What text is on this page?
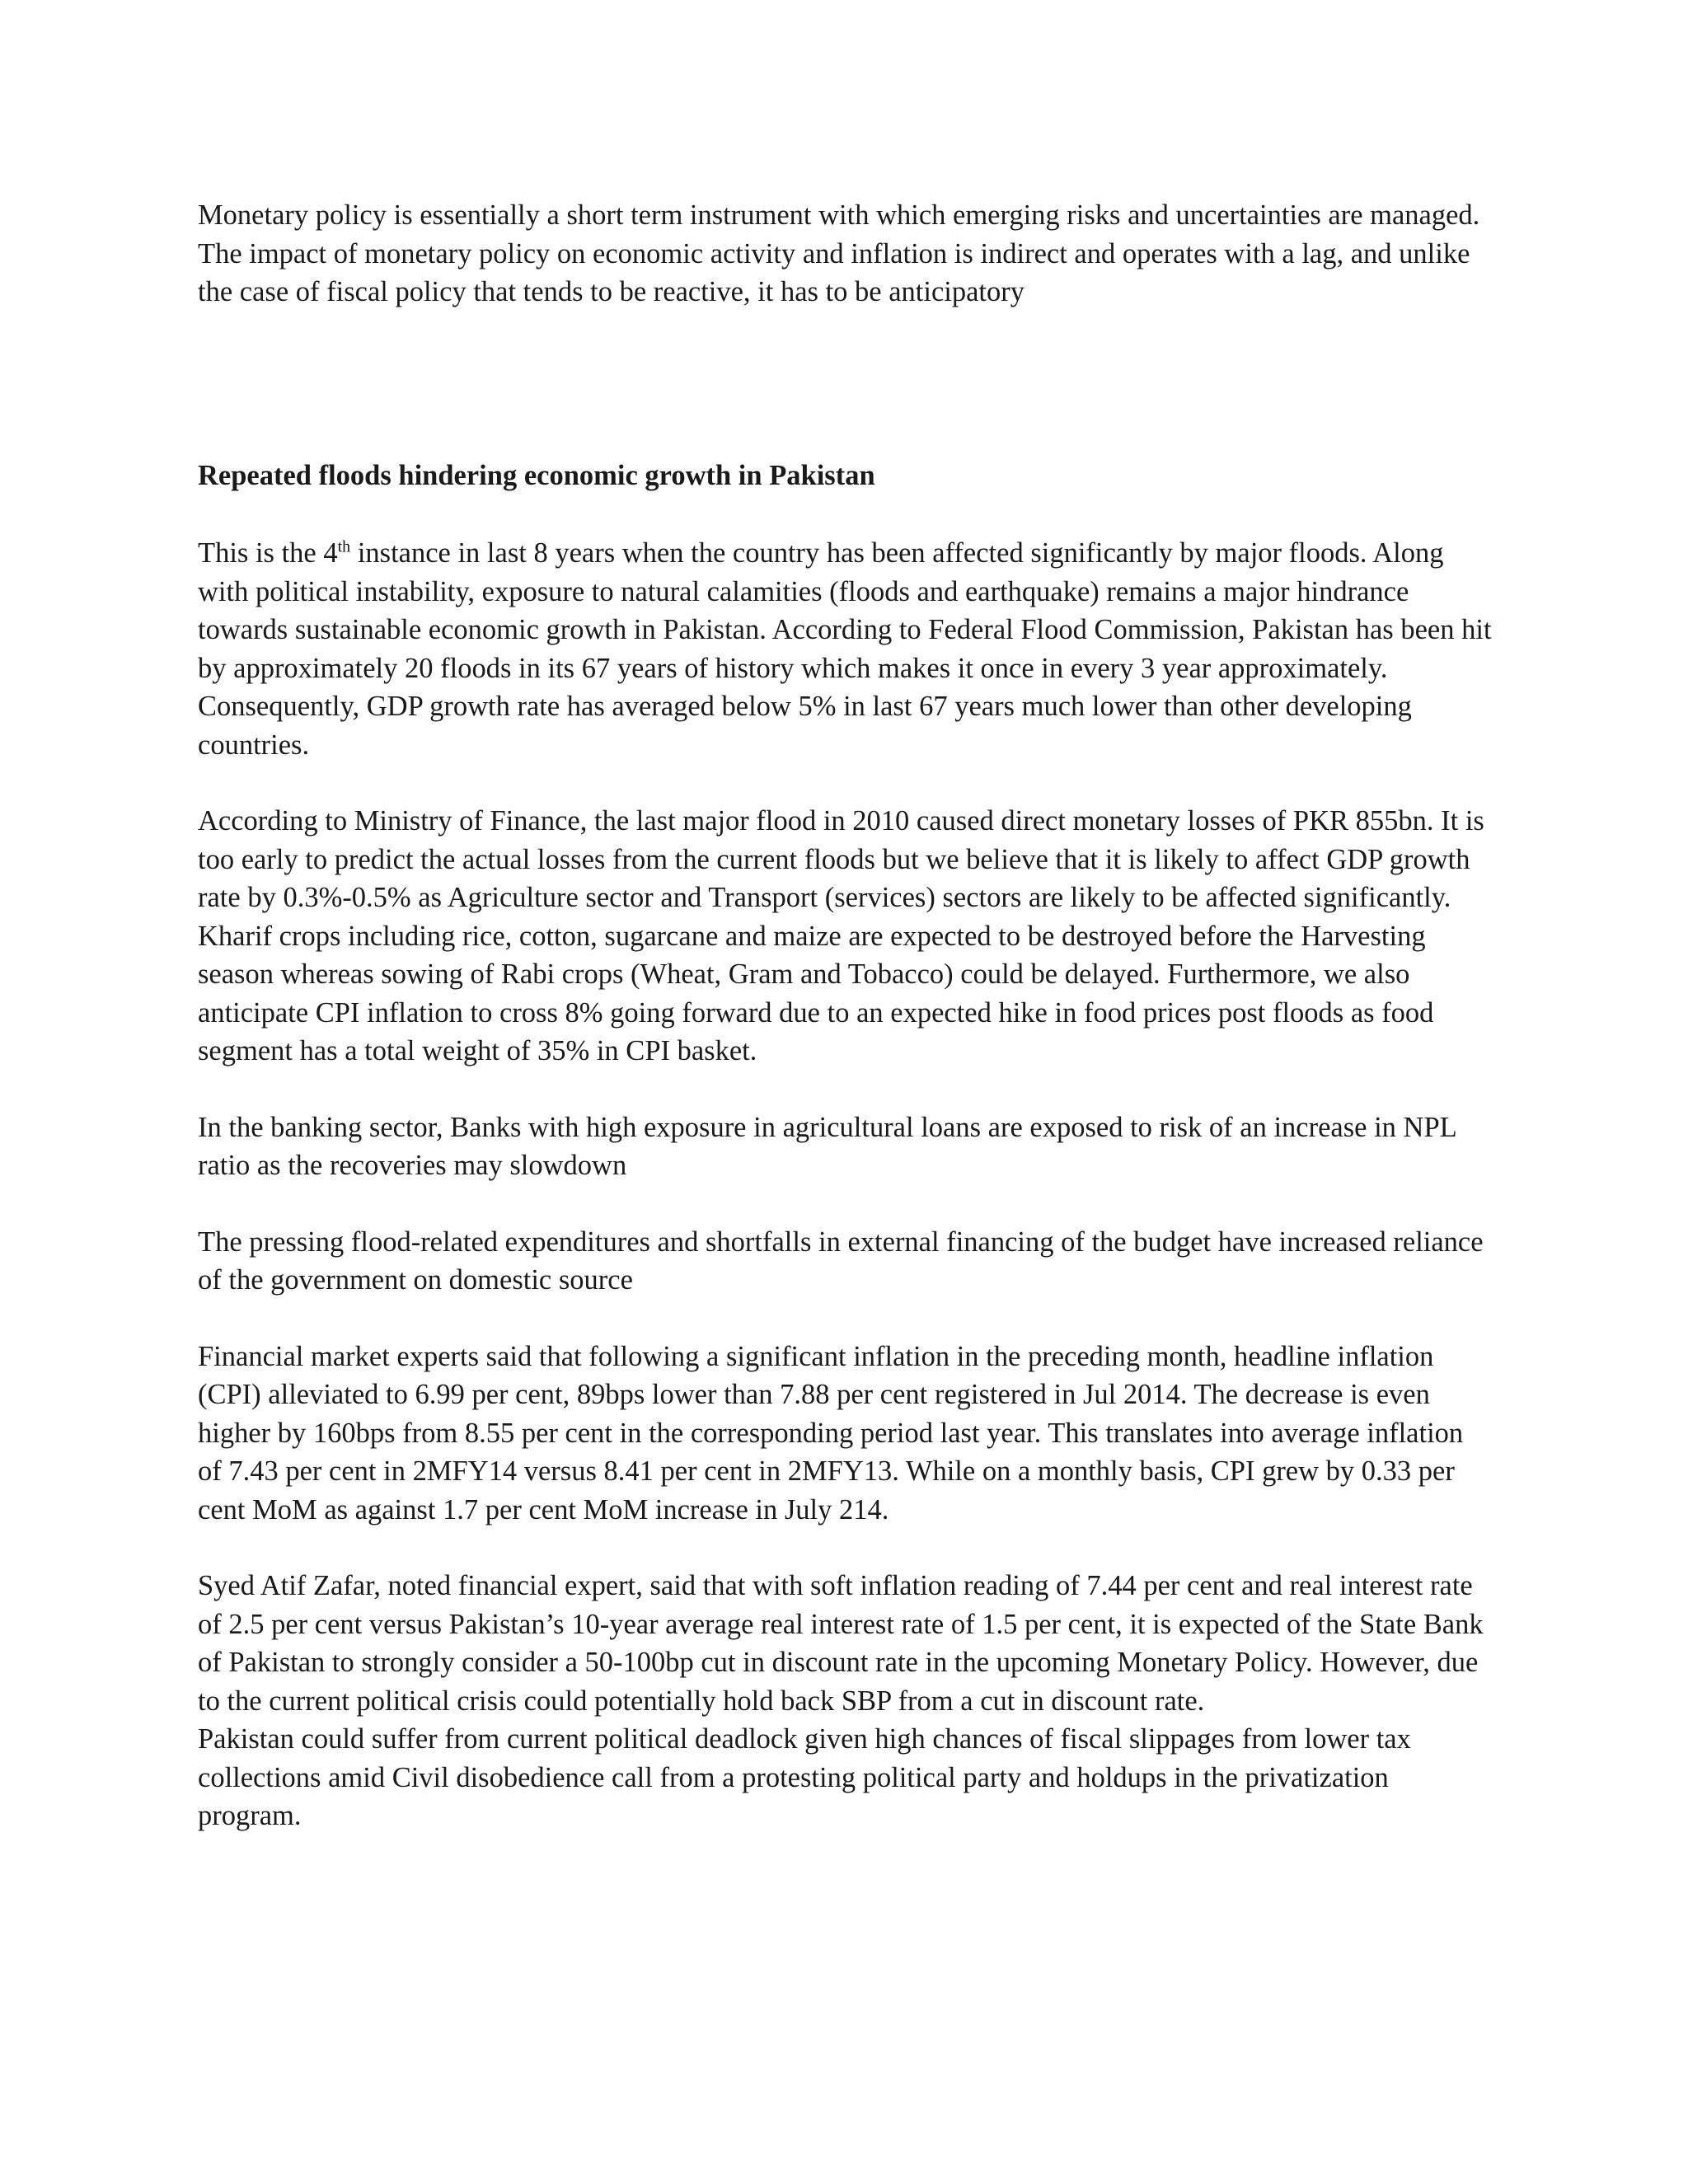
Monetary policy is essentially a short term instrument with which emerging risks and uncertainties are managed. The impact of monetary policy on economic activity and inflation is indirect and operates with a lag, and unlike the case of fiscal policy that tends to be reactive, it has to be anticipatory

Repeated floods hindering economic growth in Pakistan

This is the 4th instance in last 8 years when the country has been affected significantly by major floods. Along with political instability, exposure to natural calamities (floods and earthquake) remains a major hindrance towards sustainable economic growth in Pakistan. According to Federal Flood Commission, Pakistan has been hit by approximately 20 floods in its 67 years of history which makes it once in every 3 year approximately. Consequently, GDP growth rate has averaged below 5% in last 67 years much lower than other developing countries.

According to Ministry of Finance, the last major flood in 2010 caused direct monetary losses of PKR 855bn. It is too early to predict the actual losses from the current floods but we believe that it is likely to affect GDP growth rate by 0.3%-0.5% as Agriculture sector and Transport (services) sectors are likely to be affected significantly. Kharif crops including rice, cotton, sugarcane and maize are expected to be destroyed before the Harvesting season whereas sowing of Rabi crops (Wheat, Gram and Tobacco) could be delayed. Furthermore, we also anticipate CPI inflation to cross 8% going forward due to an expected hike in food prices post floods as food segment has a total weight of 35% in CPI basket.

In the banking sector, Banks with high exposure in agricultural loans are exposed to risk of an increase in NPL ratio as the recoveries may slowdown

The pressing flood-related expenditures and shortfalls in external financing of the budget have increased reliance of the government on domestic source

Financial market experts said that following a significant inflation in the preceding month, headline inflation (CPI) alleviated to 6.99 per cent, 89bps lower than 7.88 per cent registered in Jul 2014. The decrease is even higher by 160bps from 8.55 per cent in the corresponding period last year. This translates into average inflation of 7.43 per cent in 2MFY14 versus 8.41 per cent in 2MFY13. While on a monthly basis, CPI grew by 0.33 per cent MoM as against 1.7 per cent MoM increase in July 214.

Syed Atif Zafar, noted financial expert, said that with soft inflation reading of 7.44 per cent and real interest rate of 2.5 per cent versus Pakistan’s 10-year average real interest rate of 1.5 per cent, it is expected of the State Bank of Pakistan to strongly consider a 50-100bp cut in discount rate in the upcoming Monetary Policy. However, due to the current political crisis could potentially hold back SBP from a cut in discount rate.

Pakistan could suffer from current political deadlock given high chances of fiscal slippages from lower tax collections amid Civil disobedience call from a protesting political party and holdups in the privatization program.
